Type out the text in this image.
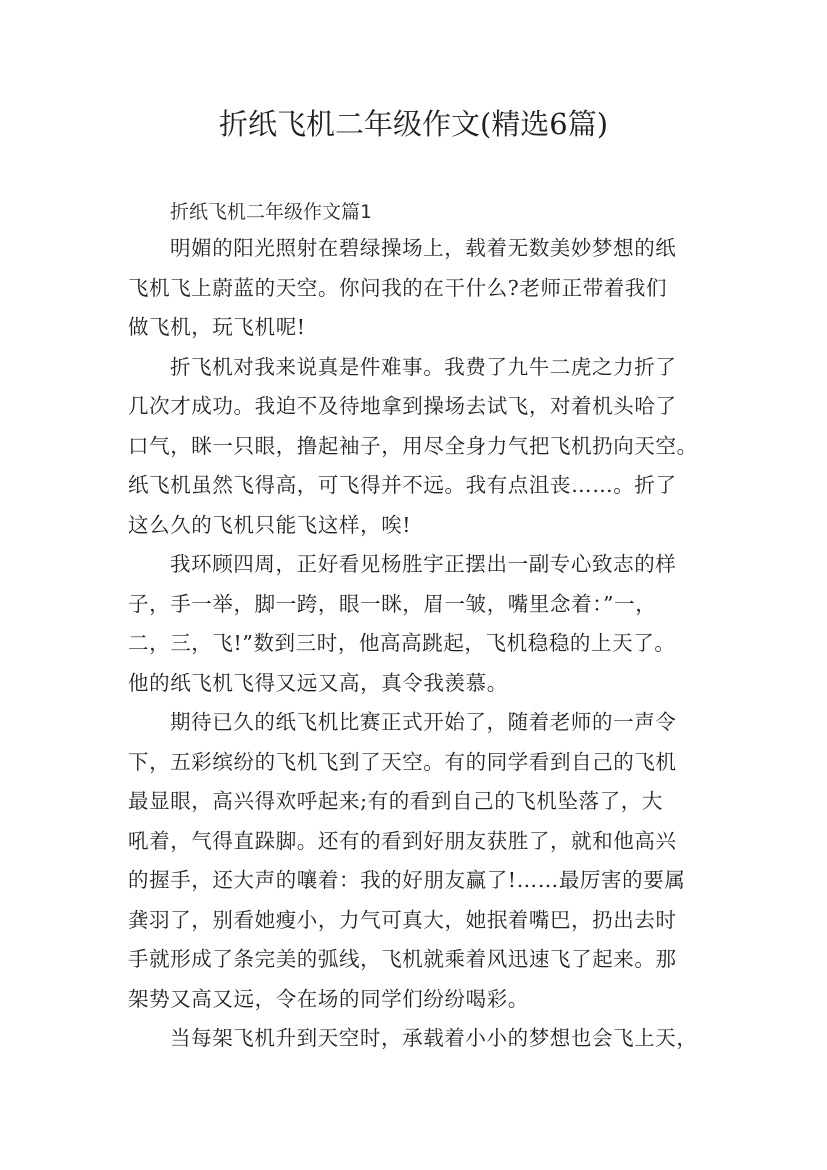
折纸飞机二年级作文(精选6篇)

折纸飞机二年级作文篇1

明媚的阳光照射在碧绿操场上，载着无数美妙梦想的纸
飞机飞上蔚蓝的天空。你问我的在干什么?老师正带着我们
做飞机，玩飞机呢!

折飞机对我来说真是件难事。我费了九牛二虎之力折了
几次才成功。我迫不及待地拿到操场去试飞，对着机头哈了
口气，眯一只眼，撸起袖子，用尽全身力气把飞机扔向天空。
纸飞机虽然飞得高，可飞得并不远。我有点沮丧……。折了
这么久的飞机只能飞这样，唉!

我环顾四周，正好看见杨胜宇正摆出一副专心致志的样
子，手一举，脚一跨，眼一眯，眉一皱，嘴里念着：”一，
二，三，飞!”数到三时，他高高跳起，飞机稳稳的上天了。
他的纸飞机飞得又远又高，真令我羡慕。

期待已久的纸飞机比赛正式开始了，随着老师的一声令
下，五彩缤纷的飞机飞到了天空。有的同学看到自己的飞机
最显眼，高兴得欢呼起来;有的看到自己的飞机坠落了，大
吼着，气得直跺脚。还有的看到好朋友获胜了，就和他高兴
的握手，还大声的嚷着：我的好朋友赢了!……最厉害的要属
龚羽了，别看她瘦小，力气可真大，她抿着嘴巴，扔出去时
手就形成了条完美的弧线，飞机就乘着风迅速飞了起来。那
架势又高又远，令在场的同学们纷纷喝彩。

当每架飞机升到天空时，承载着小小的梦想也会飞上天，
